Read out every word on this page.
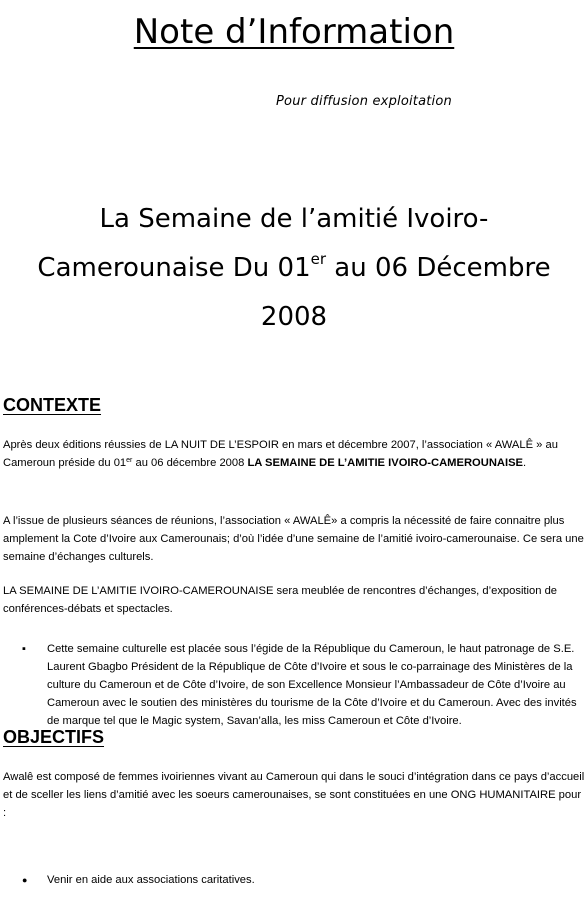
Note d’Information
Pour diffusion exploitation
La Semaine de l’amitié Ivoiro-
Camerounaise Du 01er au 06 Décembre
2008
CONTEXTE
Après deux éditions réussies de LA NUIT DE L’ESPOIR en mars et décembre 2007, l’association « AWALÊ » au Cameroun préside du 01er au 06 décembre 2008 LA SEMAINE DE L’AMITIE IVOIRO-CAMEROUNAISE.
A l’issue de plusieurs séances de réunions, l’association « AWALÊ» a compris la nécessité de faire connaitre plus amplement la Cote d’Ivoire aux Camerounais; d’où l’idée d’une semaine de l’amitié ivoiro-camerounaise. Ce sera une semaine d’échanges culturels.
LA SEMAINE DE L’AMITIE IVOIRO-CAMEROUNAISE sera meublée de rencontres d’échanges, d’exposition de conférences-débats et spectacles.
▪ Cette semaine culturelle est placée sous l’égide de la République du Cameroun, le haut patronage de S.E. Laurent Gbagbo Président de la République de Côte d’Ivoire et sous le co-parrainage des Ministères de la culture du Cameroun et de Côte d’Ivoire, de son Excellence Monsieur l’Ambassadeur de Côte d’Ivoire au Cameroun avec le soutien des ministères du tourisme de la Côte d’Ivoire et du Cameroun. Avec des invités de marque tel que le Magic system, Savan’alla, les miss Cameroun et Côte d’Ivoire.
OBJECTIFS
Awalê est composé de femmes ivoiriennes vivant au Cameroun qui dans le souci d’intégration dans ce pays d’accueil et de sceller les liens d’amitié avec les soeurs camerounaises, se sont constituées en une ONG HUMANITAIRE pour :
● Venir en aide aux associations caritatives.
